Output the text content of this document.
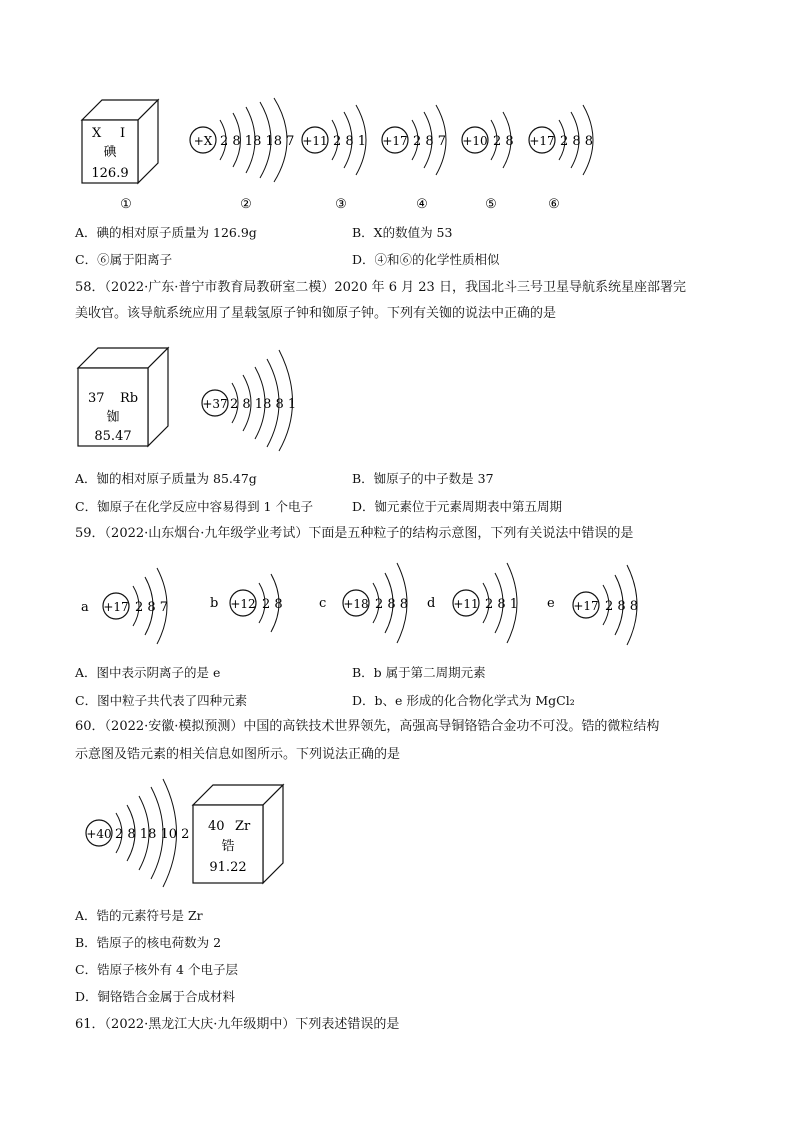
X I
碘
126.9
+X 2 8 18 18 7 +11 2 8 1 +17 2 8 7 +10 2 8 +17 2 8 8
①	②	③	④	⑤	⑥
A．碘的相对原子质量为 126.9g	B．X的数值为 53
C．⑥属于阳离子	D．④和⑥的化学性质相似
58．（2022·广东·普宁市教育局教研室二模）2020 年 6 月 23 日，我国北斗三号卫星导航系统星座部署完
美收官。该导航系统应用了星载氢原子钟和铷原子钟。下列有关铷的说法中正确的是
37 Rb
铷
85.47
+37 2 8 18 8 1
A．铷的相对原子质量为 85.47g	B．铷原子的中子数是 37
C．铷原子在化学反应中容易得到 1 个电子	D．铷元素位于元素周期表中第五周期
59．（2022·山东烟台·九年级学业考试）下面是五种粒子的结构示意图，下列有关说法中错误的是
a +17 2 8 7	b +12 2 8	c +18 2 8 8 d +11 2 8 1 e +17 2 8 8
A．图中表示阴离子的是 e	B．b 属于第二周期元素
C．图中粒子共代表了四种元素	D．b、e 形成的化合物化学式为 MgCl₂
60．（2022·安徽·模拟预测）中国的高铁技术世界领先，高强高导铜铬锆合金功不可没。锆的微粒结构
示意图及锆元素的相关信息如图所示。下列说法正确的是
+40 2 8 18 10 2
40 Zr
锆
91.22
A．锆的元素符号是 Zr
B．锆原子的核电荷数为 2
C．锆原子核外有 4 个电子层
D．铜铬锆合金属于合成材料
61．（2022·黑龙江大庆·九年级期中）下列表述错误的是
